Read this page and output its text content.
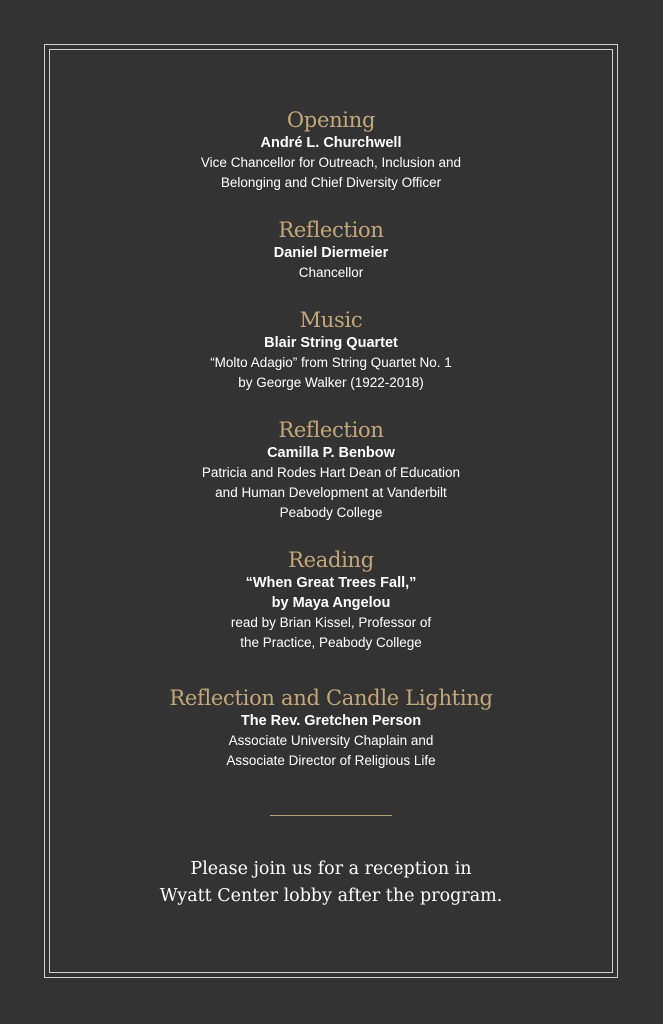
Opening

André L. Churchwell

Vice Chancellor for Outreach, Inclusion and

Belonging and Chief Diversity Officer

Reflection

Daniel Diermeier

Chancellor

Music

Blair String Quartet

“Molto Adagio” from String Quartet No. 1

by George Walker (1922-2018)

Reflection

Camilla P. Benbow

Patricia and Rodes Hart Dean of Education

and Human Development at Vanderbilt

Peabody College

Reading

“When Great Trees Fall,”

by Maya Angelou

read by Brian Kissel, Professor of

the Practice, Peabody College

Reflection and Candle Lighting

The Rev. Gretchen Person

Associate University Chaplain and

Associate Director of Religious Life

Please join us for a reception in

Wyatt Center lobby after the program.
